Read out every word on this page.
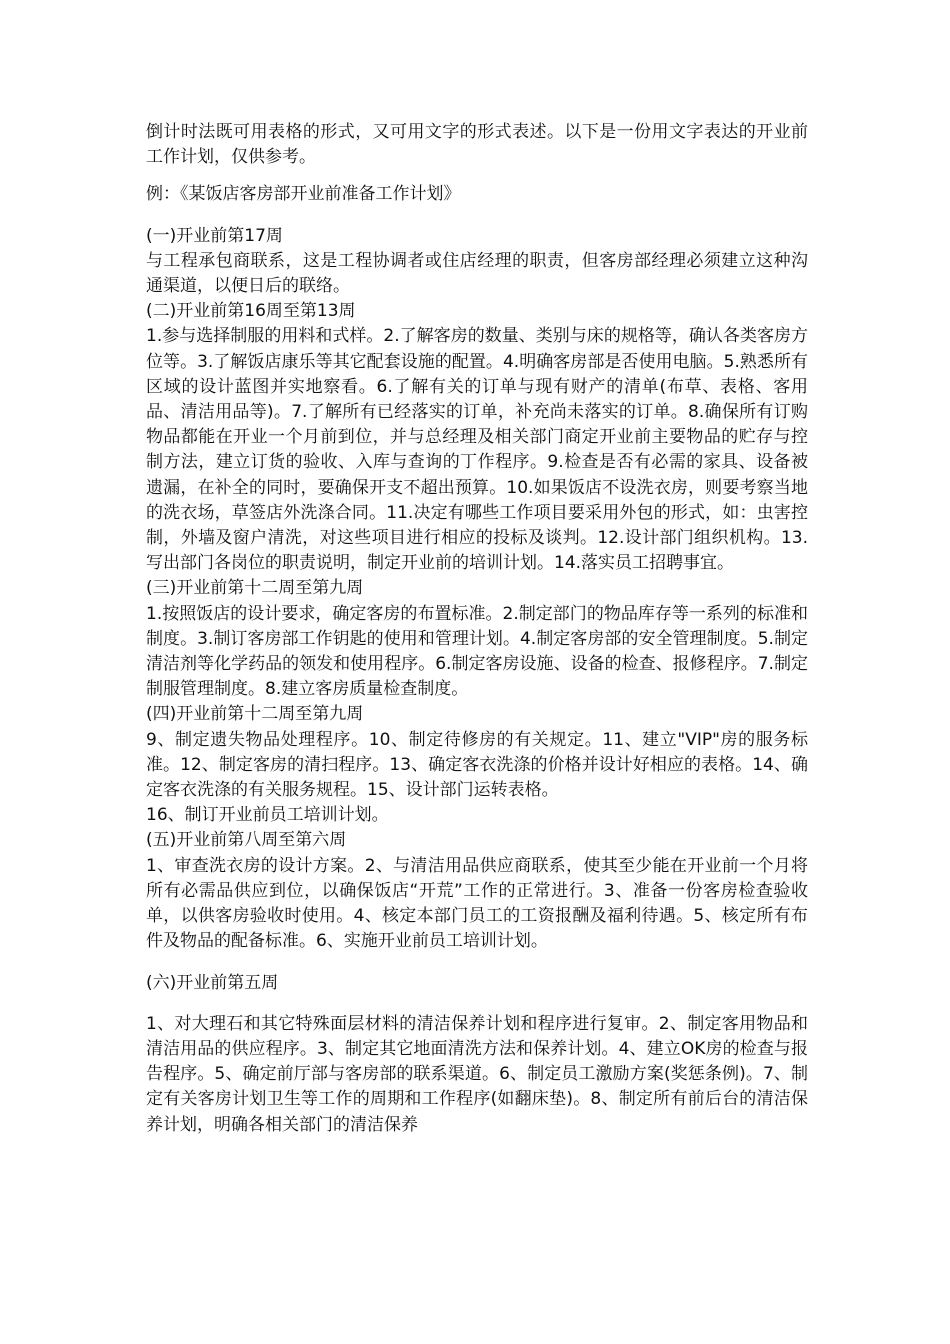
倒计时法既可用表格的形式，又可用文字的形式表述。以下是一份用文字表达的开业前工作计划，仅供参考。

例：《某饭店客房部开业前准备工作计划》

(一)开业前第17周

与工程承包商联系，这是工程协调者或住店经理的职责，但客房部经理必须建立这种沟通渠道，以便日后的联络。

(二)开业前第16周至第13周

1.参与选择制服的用料和式样。2.了解客房的数量、类别与床的规格等，确认各类客房方位等。3.了解饭店康乐等其它配套设施的配置。4.明确客房部是否使用电脑。5.熟悉所有区域的设计蓝图并实地察看。6.了解有关的订单与现有财产的清单(布草、表格、客用品、清洁用品等)。7.了解所有已经落实的订单，补充尚未落实的订单。8.确保所有订购物品都能在开业一个月前到位，并与总经理及相关部门商定开业前主要物品的贮存与控制方法，建立订货的验收、入库与查询的丁作程序。9.检查是否有必需的家具、设备被遗漏，在补全的同时，要确保开支不超出预算。10.如果饭店不设洗衣房，则要考察当地的洗衣场，草签店外洗涤合同。11.决定有哪些工作项目要采用外包的形式，如：虫害控制，外墙及窗户清洗，对这些项目进行相应的投标及谈判。12.设计部门组织机构。13.写出部门各岗位的职责说明，制定开业前的培训计划。14.落实员工招聘事宜。

(三)开业前第十二周至第九周

1.按照饭店的设计要求，确定客房的布置标准。2.制定部门的物品库存等一系列的标准和制度。3.制订客房部工作钥匙的使用和管理计划。4.制定客房部的安全管理制度。5.制定清洁剂等化学药品的领发和使用程序。6.制定客房设施、设备的检查、报修程序。7.制定制服管理制度。8.建立客房质量检查制度。

(四)开业前第十二周至第九周

9、制定遗失物品处理程序。10、制定待修房的有关规定。11、建立"VIP"房的服务标准。12、制定客房的清扫程序。13、确定客衣洗涤的价格并设计好相应的表格。14、确定客衣洗涤的有关服务规程。15、设计部门运转表格。

16、制订开业前员工培训计划。

(五)开业前第八周至第六周

1、审查洗衣房的设计方案。2、与清洁用品供应商联系，使其至少能在开业前一个月将所有必需品供应到位，以确保饭店“开荒”工作的正常进行。3、准备一份客房检查验收单，以供客房验收时使用。4、核定本部门员工的工资报酬及福利待遇。5、核定所有布件及物品的配备标准。6、实施开业前员工培训计划。

(六)开业前第五周

1、对大理石和其它特殊面层材料的清洁保养计划和程序进行复审。2、制定客用物品和清洁用品的供应程序。3、制定其它地面清洗方法和保养计划。4、建立OK房的检查与报告程序。5、确定前厅部与客房部的联系渠道。6、制定员工激励方案(奖惩条例)。7、制定有关客房计划卫生等工作的周期和工作程序(如翻床垫)。8、制定所有前后台的清洁保养计划，明确各相关部门的清洁保养
